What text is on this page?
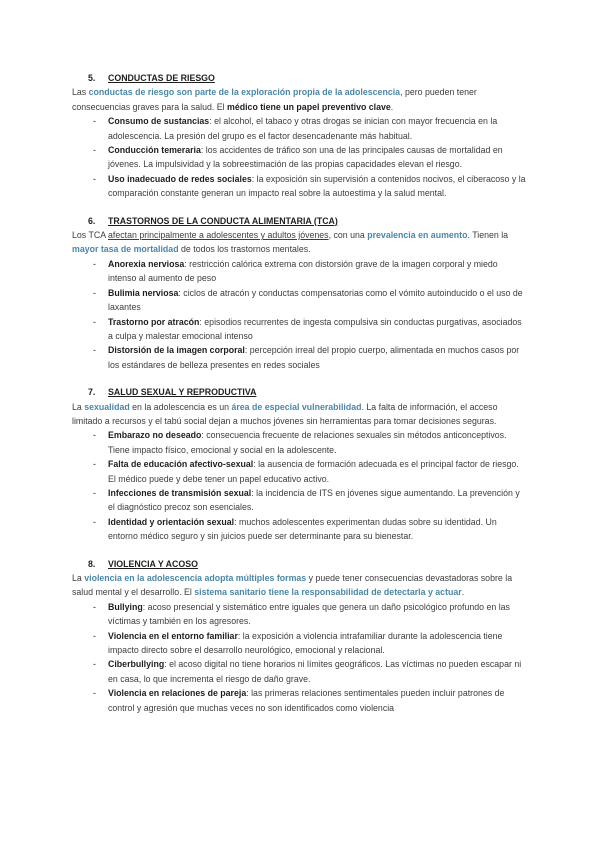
5. CONDUCTAS DE RIESGO

Las conductas de riesgo son parte de la exploración propia de la adolescencia, pero pueden tener consecuencias graves para la salud. El médico tiene un papel preventivo clave.

- Consumo de sustancias: el alcohol, el tabaco y otras drogas se inician con mayor frecuencia en la adolescencia. La presión del grupo es el factor desencadenante más habitual.
- Conducción temeraria: los accidentes de tráfico son una de las principales causas de mortalidad en jóvenes. La impulsividad y la sobreestimación de las propias capacidades elevan el riesgo.
- Uso inadecuado de redes sociales: la exposición sin supervisión a contenidos nocivos, el ciberacoso y la comparación constante generan un impacto real sobre la autoestima y la salud mental.
6. TRASTORNOS DE LA CONDUCTA ALIMENTARIA (TCA)

Los TCA afectan principalmente a adolescentes y adultos jóvenes, con una prevalencia en aumento. Tienen la mayor tasa de mortalidad de todos los trastornos mentales.

- Anorexia nerviosa: restricción calórica extrema con distorsión grave de la imagen corporal y miedo intenso al aumento de peso
- Bulimia nerviosa: ciclos de atracón y conductas compensatorias como el vómito autoinducido o el uso de laxantes
- Trastorno por atracón: episodios recurrentes de ingesta compulsiva sin conductas purgativas, asociados a culpa y malestar emocional intenso
- Distorsión de la imagen corporal: percepción irreal del propio cuerpo, alimentada en muchos casos por los estándares de belleza presentes en redes sociales
7. SALUD SEXUAL Y REPRODUCTIVA

La sexualidad en la adolescencia es un área de especial vulnerabilidad. La falta de información, el acceso limitado a recursos y el tabú social dejan a muchos jóvenes sin herramientas para tomar decisiones seguras.

- Embarazo no deseado: consecuencia frecuente de relaciones sexuales sin métodos anticonceptivos. Tiene impacto físico, emocional y social en la adolescente.
- Falta de educación afectivo-sexual: la ausencia de formación adecuada es el principal factor de riesgo. El médico puede y debe tener un papel educativo activo.
- Infecciones de transmisión sexual: la incidencia de ITS en jóvenes sigue aumentando. La prevención y el diagnóstico precoz son esenciales.
- Identidad y orientación sexual: muchos adolescentes experimentan dudas sobre su identidad. Un entorno médico seguro y sin juicios puede ser determinante para su bienestar.
8. VIOLENCIA Y ACOSO

La violencia en la adolescencia adopta múltiples formas y puede tener consecuencias devastadoras sobre la salud mental y el desarrollo. El sistema sanitario tiene la responsabilidad de detectarla y actuar.

- Bullying: acoso presencial y sistemático entre iguales que genera un daño psicológico profundo en las víctimas y también en los agresores.
- Violencia en el entorno familiar: la exposición a violencia intrafamiliar durante la adolescencia tiene impacto directo sobre el desarrollo neurológico, emocional y relacional.
- Ciberbullying: el acoso digital no tiene horarios ni límites geográficos. Las víctimas no pueden escapar ni en casa, lo que incrementa el riesgo de daño grave.
- Violencia en relaciones de pareja: las primeras relaciones sentimentales pueden incluir patrones de control y agresión que muchas veces no son identificados como violencia
